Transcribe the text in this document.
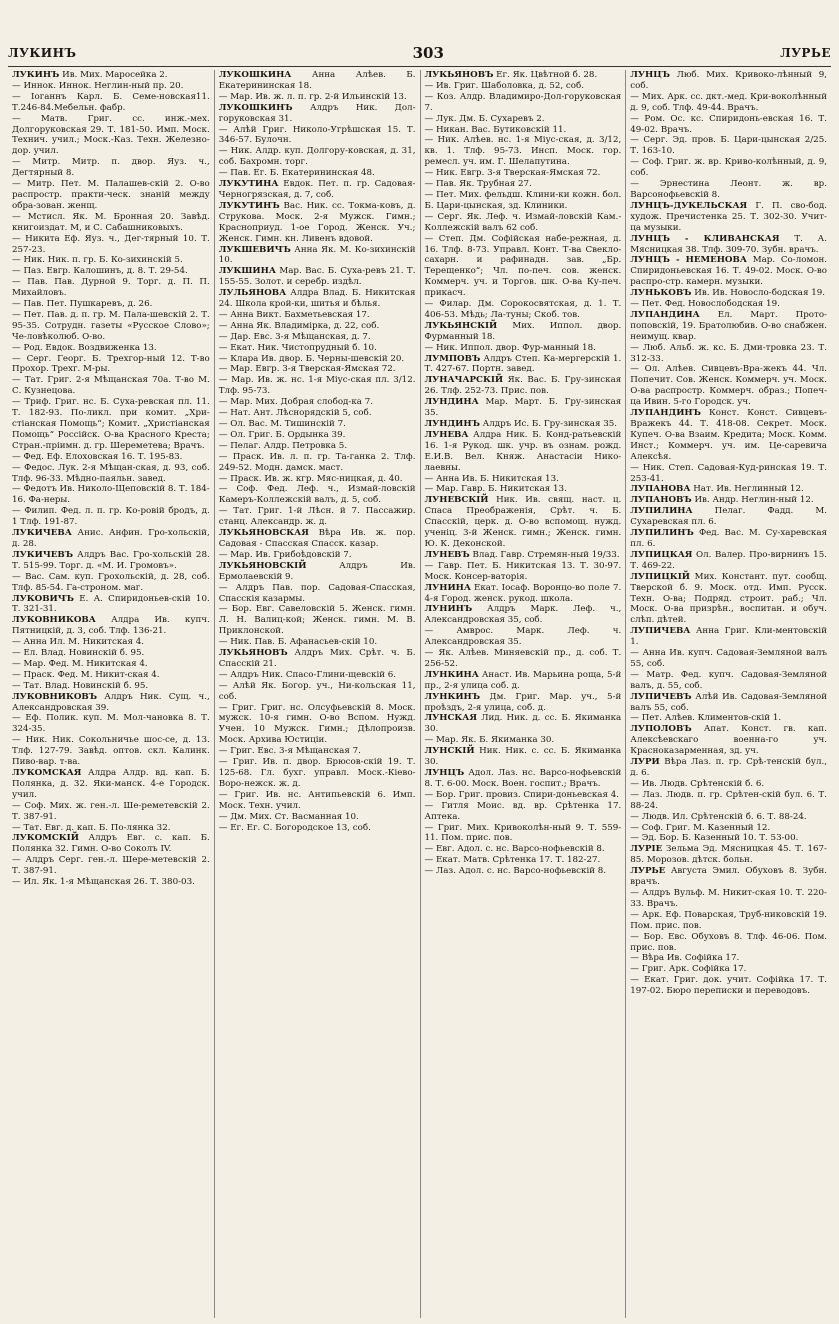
ЛУКИНЪ	303	ЛУРЬЕ

ЛУКИНЪ Ив. Мих. Маросейка 2.

— Иннок. Иннок. Неглин-ный пр. 20.

— Іоганнъ Карл. Б. Семе-новская11. Т.246-84.Мебельн. фабр.

— Матв. Григ. сс. инж.-мех. Долгоруковская 29. Т. 181-50. Имп. Моск. Технич. учил.; Моск.-Каз. Техн. Железно-дор. учил.

— Митр. Митр. п. двор. Яуз. ч., Дегтярный 8.

— Митр. Пет. М. Палашев-скій 2. О-во распростр. практи-ческ. знаній между обра-зован. женщ.

— Мстисл. Як. М. Бронная 20. Завѣд. книгоиздат. М, и С. Сабашниковыхъ.

— Никита Еф. Яуз. ч., Дег-тярный 10. Т. 257-23.

— Ник. Ник. п. гр. Б. Ко-зихинскій 5.

— Паз. Евгр. Калошинъ, д. 8. Т. 29-54.

— Пав. Пав. Дурной 9. Торг. д. П. П. Михайловъ.

— Пав. Пет. Пушкаревъ, д. 26.

— Пет. Пав. д. п. гр. М. Пала-шевскій 2. Т. 95-35. Сотрудн. газеты «Русское Слово»; Че-ловѣколюб. О-во.

— Род. Евдок. Воздвиженка 13.

— Серг. Георг. Б. Трехгор-ный 12. Т-во Прохор. Трехг. М-ры.

— Тат. Григ. 2-я Мѣщанская 70а. Т-во М. С. Кузнецова.

— Триф. Григ. нс. Б. Суха-ревская пл. 11. Т. 182-93. По-ликл. при комит. „Хри-стіанская Помощь“; Комит. „Христіанская Помощь“ Россійск. О-ва Красного Креста; Стран.-пріимн. д. гр. Шереметева; Врачъ.

— Фед. Еф. Елоховская 16. Т. 195-83.

— Федос. Лук. 2-я Мѣщан-ская, д. 93, соб. Тлф. 96-33. Мѣдно-паяльн. завед.

— Федотъ Ив. Николо-Щеповскій 8. Т. 184-16. Фа-неры.

— Филип. Фед. л. п. гр. Ко-ровій бродъ, д. 1 Тлф. 191-87.

ЛУКИЧЕВА Анис. Анфин. Гро-хольскій, д. 28.

ЛУКИЧЕВЪ Алдръ Вас. Гро-хольскій 28. Т. 515-99. Торг. д. «М. И. Громовъ».

— Вас. Сам. куп. Грохольскій, д. 28, соб. Тлф. 85-54. Га-строном. маг.

ЛУКОВИЧЪ Е. А. Спиридоньев-скій 10. Т. 321-31.

ЛУКОВНИКОВА Алдра Ив. купч. Пятницкій, д. 3, соб. Тлф. 136-21.

— Анна Ил. М. Никитская 4.

— Ел. Влад. Новинскій б. 95.

— Мар. Фед. М. Никитская 4.

— Праск. Фед. М. Никит-ская 4.

— Тат. Влад. Новинскій б. 95.

ЛУКОВНИКОВЪ Алдръ Ник. Сущ. ч., Александровская 39.

— Еф. Полик. куп. М. Мол-чановка 8. Т. 324-35.

— Ник. Ник. Сокольничье шос-се, д. 13. Тлф. 127-79. Завѣд. оптов. скл. Калинк. Пиво-вар. т-ва.

ЛУКОМСКАЯ Алдра Алдр. вд. кап. Б. Полянка, д. 32. Яки-манск. 4-е Городск. учил.

— Соф. Мих. ж. ген.-л. Ше-реметевскій 2. Т. 387-91.

— Тат. Евг. д. кап. Б. По-лянка 32.

ЛУКОМСКІЙ Алдръ Евг. с. кап. Б. Полянка 32. Гимн. О-во Соколъ IV.

— Алдръ Серг. ген.-л. Шере-метевскій 2. Т. 387-91.

— Ил. Як. 1-я Мѣщанская 26. Т. 380-03.

ЛУКОШКИНА Анна Алѣев. Б. Екатерининская 18.

— Мар. Ив. ж. л. п. гр. 2-й Ильинскій 13.

ЛУКОШКИНЪ Алдръ Ник. Дол-горуковская 31.

— Алѣй Григ. Николо-Угрѣшская 15. Т. 346-57. Булочн.

— Ник. Алдр. куп. Долгору-ковская, д. 31, соб. Бахромн. торг.

— Пав. Ег. Б. Екатерининская 48.

ЛУКУТИНА Евдок. Пет. п. гр. Садовая-Черногрязская, д. 7, соб.

ЛУКУТИНЪ Вас. Ник. сс. Токма-ковъ, д. Струкова. Моск. 2-я Мужск. Гимн.; Красноприуд. 1-ое Город. Женск. Уч.; Женск. Гимн. кн. Ливенъ вдовой.

ЛУКШЕВИЧЪ Анна Як. М. Ко-зихинскій 10.

ЛУКШИНА Мар. Вас. Б. Суха-ревъ 21. Т. 155-55. Золот. и серебр. издѣл.

ЛУЛЬЯНОВА Алдра Влад. Б. Никитская 24. Школа крой-ки, шитья и бѣлья.

— Анна Викт. Бахметьевская 17.

— Анна Як. Владимірка, д. 22, соб.

— Дар. Евс. 3-я Мѣщанская, д. 7.

— Екат. Ник. Чистопрудный б. 10.

— Клара Ив. двор. Б. Черны-шевскій 20.

— Мар. Евгр. 3-я Тверская-Ямская 72.

— Мар. Ив. ж. нс. 1-я Міус-ская пл. 3/12. Тлф. 95-73.

— Мар. Мих. Добрая слобод-ка 7.

— Нат. Ант. Лѣснорядскій 5, соб.

— Ол. Вас. М. Тишинскій 7.

— Ол. Григ. Б. Ордынка 39.

— Пелаг. Алдр. Петровка 5.

— Праск. Ив. л. п. гр. Та-ганка 2. Тлф. 249-52. Модн. дамск. маст.

— Праск. Ив. ж. кгр. Мяс-ницкая, д. 40.

— Соф. Фед. Леф. ч., Измай-ловскій Камеръ-Коллежскій валъ, д. 5, соб.

— Тат. Григ. 1-й Лѣсн. й 7. Пассажир. станц. Александр. ж. д.

ЛУКЬЯНОВСКАЯ Вѣра Ив. ж. пор. Садовая - Спасская Спасск. казар.

— Мар. Ив. Грибоѣдовскій 7.

ЛУКЬЯНОВСКІЙ Алдръ Ив. Ермолаевскій 9.

— Алдръ Пав. пор. Садовая-Спасская, Спасскія казармы.

— Бор. Евг. Савеловскій 5. Женск. гимн. Л. Н. Валиц-кой; Женск. гимн. М. В. Приклонской.

— Ник. Пав. Б. Афанасьев-скій 10.

ЛУКЬЯНОВЪ Алдръ Мих. Срѣт. ч. Б. Спасскій 21.

— Алдръ Ник. Спасо-Глини-щевскій 6.

— Алѣй Як. Богор. уч., Ни-кольская 11, соб.

— Григ. Григ. нс. Олсуфьевскій 8. Моск. мужск. 10-я гимн. О-во Вспом. Нужд. Учен. 10 Мужск. Гимн.; Дѣлопроизв. Моск. Архива Юстиціи.

— Григ. Евс. 3-я Мѣщанская 7.

— Григ. Ив. п. двор. Брюсов-скій 19. Т. 125-68. Гл. бухг. управл. Моск.-Кіево-Воро-нежск. ж. д.

— Григ. Ив. нс. Антипьевскій 6. Имп. Моск. Техн. учил.

— Дм. Мих. Ст. Васманная 10.

— Ег. Ег. С. Богородское 13, соб.

ЛУКЬЯНОВЪ Ег. Як. Цвѣтной б. 28.

— Ив. Григ. Шаболовка, д. 52, соб.

— Коз. Алдр. Владимиро-Дол-горуковская 7.

— Лук. Дм. Б. Сухаревъ 2.

— Никан. Вас. Бутиковскій 11.

— Ник. Алѣев. нс. 1-я Міус-ская, д. 3/12, кв. 1. Тлф. 95-73. Инсп. Моск. гор. ремесл. уч. им. Г. Шелапутина.

— Ник. Евгр. 3-я Тверская-Ямская 72.

— Пав. Як. Трубная 27.

— Пет. Мих. фельдш. Клини-ки кожн. бол. Б. Цари-цынская, зд. Клиники.

— Серг. Як. Леф. ч. Измай-ловскій Кам.-Коллежскій валъ 62 соб.

— Степ. Дм. Софійская набе-режная, д. 16. Тлф. 8-73. Управл. Конт. Т-ва Свекло-сахарн. и рафинадн. зав. „Бр. Терещенко“; Чл. по-печ. сов. женск. Коммерч. уч. и Торгов. шк. О-ва Ку-печ. прикасч.

— Филар. Дм. Сорокосвятская, д. 1. Т. 406-53. Мѣдь; Ла-туны; Скоб. тов.

ЛУКЬЯНСКІЙ Мих. Иппол. двор. Фурманный 18.

— Ник. Иппол. двор. Фур-манный 18.

ЛУМПОВЪ Алдръ Степ. Ка-мергерскій 1. Т. 427-67. Портн. завед.

ЛУНАЧАРСКІЙ Як. Вас. Б. Гру-зинская 26. Тлф. 252-73. Прис. пов.

ЛУНДИНА Мар. Март. Б. Гру-зинская 35.

ЛУНДИНЪ Алдръ Ис. Б. Гру-зинская 35.

ЛУНЕВА Алдра Ник. Б. Конд-ратьевскій 16. 1-я Рукод. шк. учр. въ ознам. рожд. Е.И.В. Вел. Княж. Анастасіи Нико-лаевны.

— Анна Ив. Б. Никитская 13.

— Мар. Гавр. Б. Никитская 13.

ЛУНЕВСКІЙ Ник. Ив. свящ. наст. ц. Спаса Преображенія, Срѣт. ч. Б. Спасскій, церк. д. О-во вспомощ. нужд. ученіц. 3-й Женск. гимн.; Женск. гимн. Ю. К. Деконской.

ЛУНЕВЪ Влад. Гавр. Стремян-ный 19/33.

— Гавр. Пет. Б. Никитская 13. Т. 30-97. Моск. Консер-ваторія.

ЛУНИНА Екат. Іосаф. Воронцо-во поле 7. 4-я Город. женск. рукод. школа.

ЛУНИНЪ Алдръ Марк. Леф. ч., Александровская 35, соб.

— Амврос. Марк. Леф. ч. Александровская 35.

— Як. Алѣев. Миняевскій пр., д. соб. Т. 256-52.

ЛУНКИНА Анаст. Ив. Марьина роща, 5-й пр., 2-я улица соб. д.

ЛУНКИНЪ Дм. Григ. Мар. уч., 5-й проѣздъ, 2-я улица, соб. д.

ЛУНСКАЯ Лид. Ник. д. сс. Б. Якиманка 30.

— Мар. Як. Б. Якиманка 30.

ЛУНСКІЙ Ник. Ник. с. сс. Б. Якиманка 30.

ЛУНЦЪ Адол. Лаз. нс. Варсо-нофьевскій 8. Т. 6-00. Моск. Воен. госпит.; Врачъ.

— Бор. Григ. провиз. Спири-доньевская 4.

— Гитля Моис. вд. вр. Срѣтенка 17. Аптека.

— Григ. Мих. Кривоколѣн-ный 9. Т. 559-11. Пом. прис. пов.

— Евг. Адол. с. нс. Варсо-нофьевскій 8.

— Екат. Матв. Срѣтенка 17. Т. 182-27.

— Лаз. Адол. с. нс. Варсо-нофьевскій 8.

ЛУНЦЪ Люб. Мих. Кривоко-лѣнный 9, соб.

— Мих. Арк. сс. дкт.-мед. Кри-воколѣнный д. 9, соб. Тлф. 49-44. Врачъ.

— Ром. Ос. кс. Спиридонь-евская 16. Т. 49-02. Врачъ.

— Серг. Эд. пров. Б. Цари-цынская 2/25. Т. 163-10.

— Соф. Григ. ж. вр. Криво-колѣнный, д. 9, соб.

— Эрнестина Леонт. ж. вр. Варсонофьевскій 8.

ЛУНЦЪ-ДУКЕЛЬСКАЯ Г. П. сво-бод. худож. Пречистенка 25. Т. 302-30. Учит-ца музыки.

ЛУНЦЪ - КЛИВАНСКАЯ Т. А. Мясницкая 38. Тлф. 309-70. Зубн. врачъ.

ЛУНЦЪ - НЕМЕНОВА Мар. Со-ломон. Спиридоньевская 16. Т. 49-02. Моск. О-во распро-стр. камерн. музыки.

ЛУНЬКОВЪ Ив. Ив. Новосло-бодская 19.

— Пет. Фед. Новослободская 19.

ЛУПАНДИНА Ел. Март. Прото-поповскій, 19. Братолюбив. О-во снабжен. неимущ. квар.

— Люб. Альб. ж. кс. Б. Дми-тровка 23. Т. 312-33.

— Ол. Алѣев. Сивцевъ-Вра-жекъ 44. Чл. Попечит. Сов. Женск. Коммерч. уч. Моск. О-ва распростр. Коммерч. образ.; Попеч-ца Ивин. 5-го Городск. уч.

ЛУПАНДИНЪ Конст. Конст. Сивцевъ-Вражекъ 44. Т. 418-08. Секрет. Моск. Купеч. О-ва Взаим. Кредита; Моск. Комм. Инст.; Коммерч. уч. им. Це-саревича Алексѣя.

— Ник. Степ. Садовая-Куд-ринская 19. Т. 253-41.

ЛУПАНОВА Нат. Ив. Неглинный 12.

ЛУПАНОВЪ Ив. Андр. Неглин-ный 12.

ЛУПИЛИНА Пелаг. Фадд. М. Сухаревская пл. 6.

ЛУПИЛИНЪ Фед. Вас. М. Су-харевская пл. 6.

ЛУПИЦКАЯ Ол. Валер. Про-вирнинъ 15. Т. 469-22.

ЛУПИЦКІЙ Мих. Констант. пут. сообщ. Тверской б. 9. Моск. отд. Имп. Русск. Техн. О-ва; Подряд. строит. раб.; Чл. Моск. О-ва призрѣн., воспитан. и обуч. слѣп. дѣтей.

ЛУПИЧЕВА Анна Григ. Кли-ментовскій 1.

— Анна Ив. купч. Садовая-Земляной валъ 55, соб.

— Матр. Фед. купч. Садовая-Земляной валъ, д. 55, соб.

ЛУПИЧЕВЪ Алѣй Ив. Садовая-Земляной валъ 55, соб.

— Пет. Алѣев. Климентов-скій 1.

ЛУПОЛОВЪ Апат. Конст. гв. кап. Алексѣевскаго военна-го уч. Красноказарменная, зд. уч.

ЛУРИ Вѣра Лаз. п. гр. Срѣ-тенскій бул., д. 6.

— Ив. Людв. Срѣтенскій б. 6.

— Лаз. Людв. п. гр. Срѣтен-скій бул. 6. Т. 88-24.

— Людв. Ил. Срѣтенскій б. 6. Т. 88-24.

— Соф. Григ. М. Казенный 12.

— Эд. Бор. Б. Казенный 10. Т. 53-00.

ЛУРІЕ Зельма Эд. Мясницкая 45. Т. 167-85. Морозов. дѣтск. больн.

ЛУРЬЕ Августа Эмил. Обуховъ 8. Зубн. врачъ.

— Алдръ Вульф. М. Никит-ская 10. Т. 220-33. Врачъ.

— Арк. Еф. Поварская, Труб-никовскій 19. Пом. прис. пов.

— Бор. Евс. Обуховъ 8. Тлф. 46-06. Пом. прис. пов.

— Вѣра Ив. Софійка 17.

— Григ. Арк. Софійка 17.

— Екат. Григ. док. учит. Софійка 17. Т. 197-02. Бюро переписки и переводовъ.
